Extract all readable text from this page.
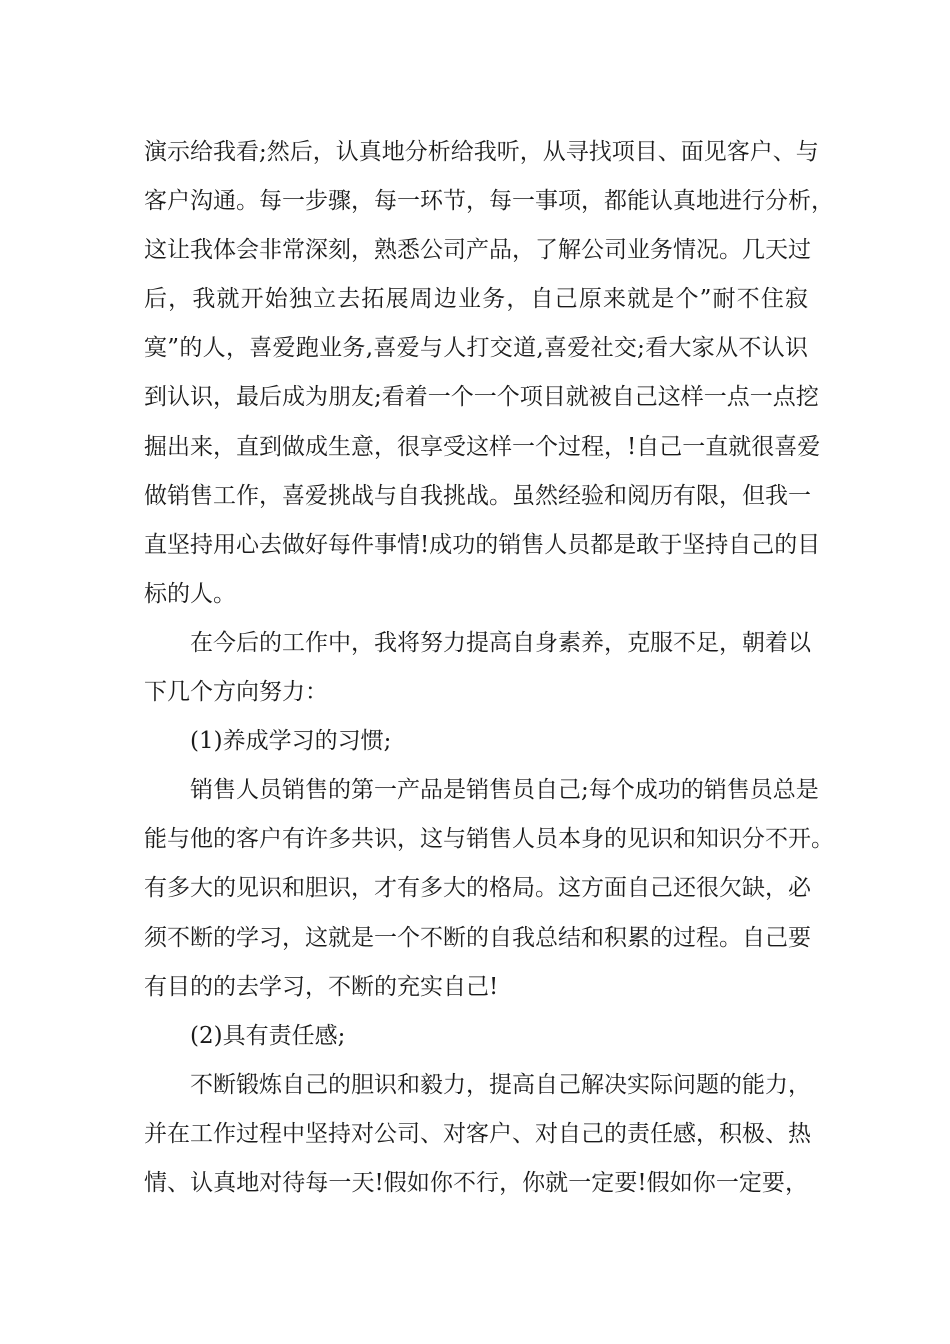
演示给我看;然后，认真地分析给我听，从寻找项目、面见客户、与
客户沟通。每一步骤，每一环节，每一事项，都能认真地进行分析，
这让我体会非常深刻，熟悉公司产品，了解公司业务情况。几天过
后，我就开始独立去拓展周边业务，自己原来就是个”耐不住寂
寞”的人，喜爱跑业务,喜爱与人打交道,喜爱社交;看大家从不认识
到认识，最后成为朋友;看着一个一个项目就被自己这样一点一点挖
掘出来，直到做成生意，很享受这样一个过程，!自己一直就很喜爱
做销售工作，喜爱挑战与自我挑战。虽然经验和阅历有限，但我一
直坚持用心去做好每件事情!成功的销售人员都是敢于坚持自己的目
标的人。
在今后的工作中，我将努力提高自身素养，克服不足，朝着以
下几个方向努力：
(1)养成学习的习惯;
销售人员销售的第一产品是销售员自己;每个成功的销售员总是
能与他的客户有许多共识，这与销售人员本身的见识和知识分不开。
有多大的见识和胆识，才有多大的格局。这方面自己还很欠缺，必
须不断的学习，这就是一个不断的自我总结和积累的过程。自己要
有目的的去学习，不断的充实自己!
(2)具有责任感;
不断锻炼自己的胆识和毅力，提高自己解决实际问题的能力，
并在工作过程中坚持对公司、对客户、对自己的责任感，积极、热
情、认真地对待每一天!假如你不行，你就一定要!假如你一定要，
